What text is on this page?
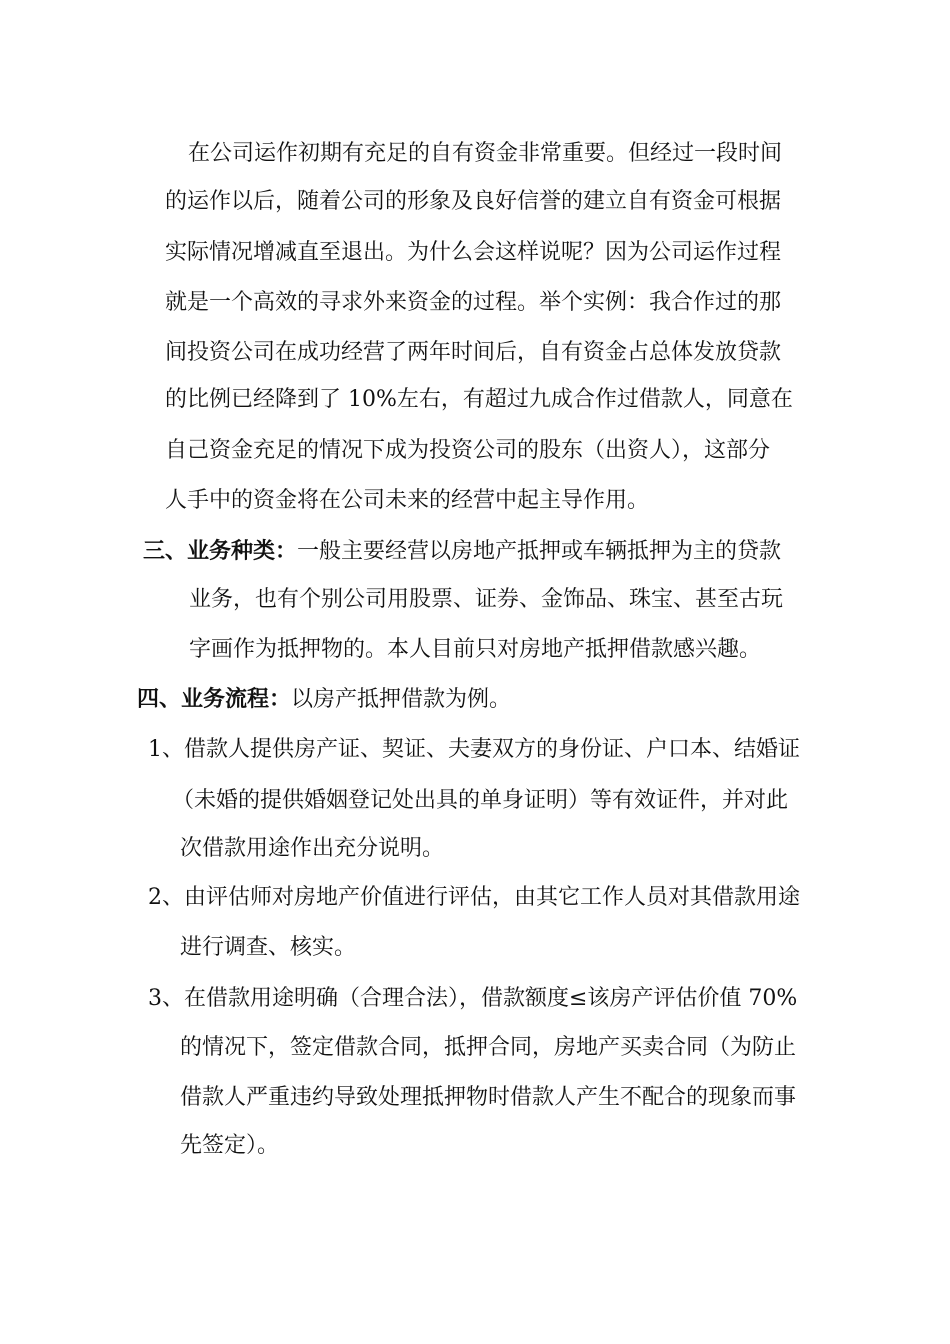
在公司运作初期有充足的自有资金非常重要。但经过一段时间
的运作以后，随着公司的形象及良好信誉的建立自有资金可根据
实际情况增减直至退出。为什么会这样说呢？因为公司运作过程
就是一个高效的寻求外来资金的过程。举个实例：我合作过的那
间投资公司在成功经营了两年时间后，自有资金占总体发放贷款
的比例已经降到了 10%左右，有超过九成合作过借款人，同意在
自己资金充足的情况下成为投资公司的股东（出资人），这部分
人手中的资金将在公司未来的经营中起主导作用。
三、业务种类：一般主要经营以房地产抵押或车辆抵押为主的贷款
业务，也有个别公司用股票、证券、金饰品、珠宝、甚至古玩
字画作为抵押物的。本人目前只对房地产抵押借款感兴趣。
四、业务流程：以房产抵押借款为例。
1、借款人提供房产证、契证、夫妻双方的身份证、户口本、结婚证
（未婚的提供婚姻登记处出具的单身证明）等有效证件，并对此
次借款用途作出充分说明。
2、由评估师对房地产价值进行评估，由其它工作人员对其借款用途
进行调查、核实。
3、在借款用途明确（合理合法），借款额度≤该房产评估价值 70%
的情况下，签定借款合同，抵押合同，房地产买卖合同（为防止
借款人严重违约导致处理抵押物时借款人产生不配合的现象而事
先签定）。
